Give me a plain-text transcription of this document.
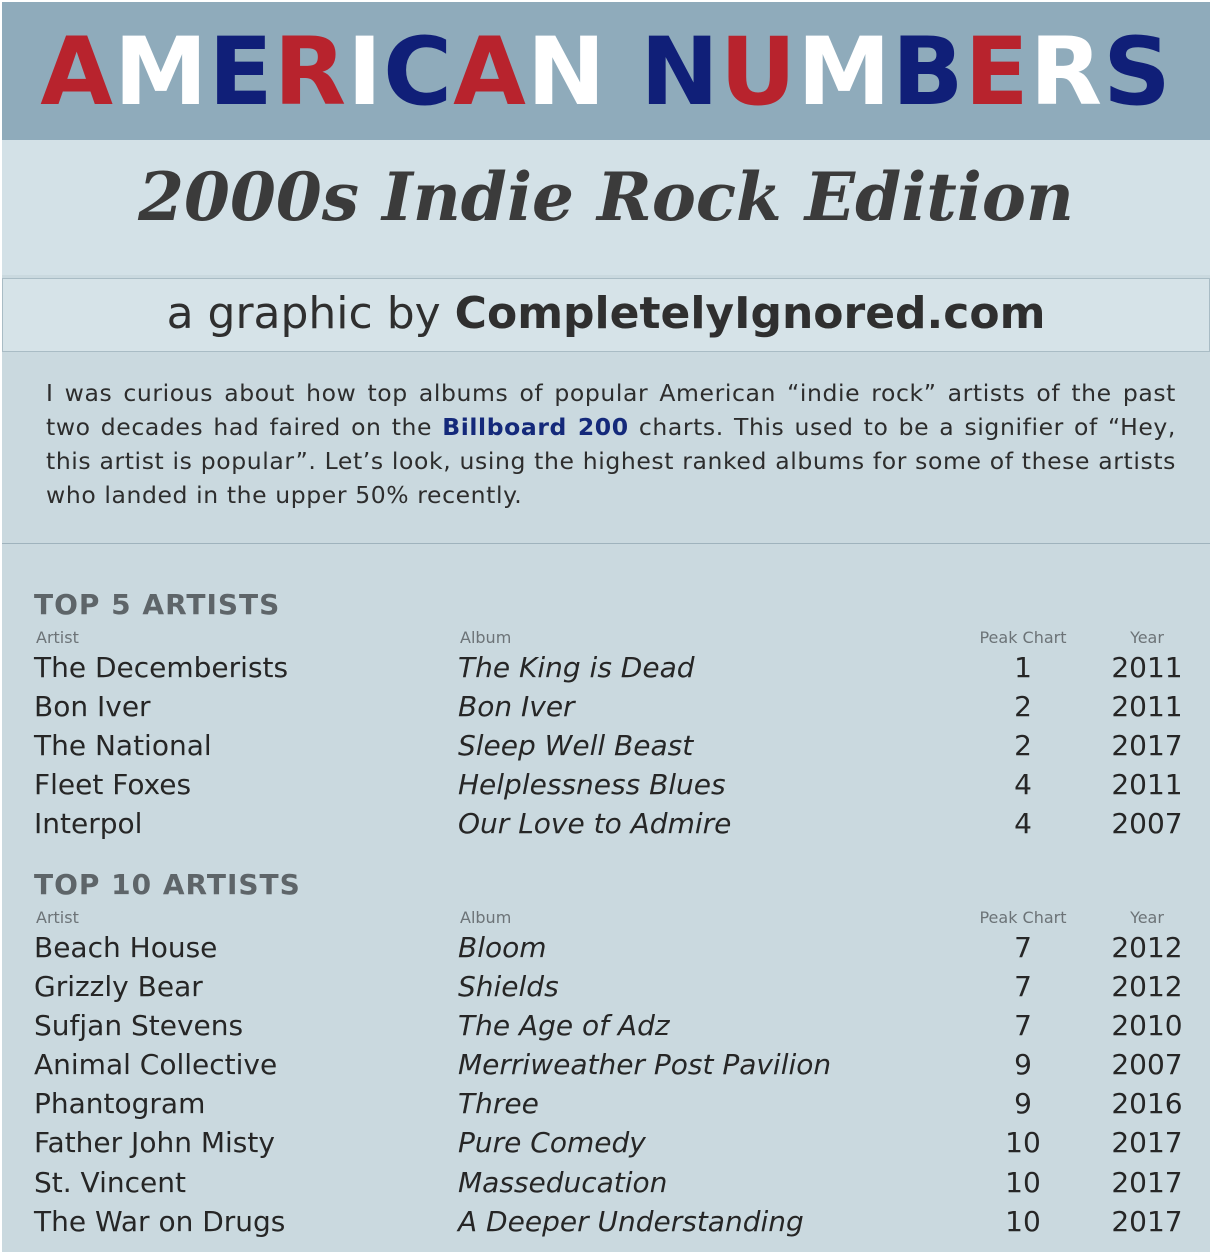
AMERICAN NUMBERS
2000s Indie Rock Edition
a graphic by CompletelyIgnored.com
I was curious about how top albums of popular American “indie rock” artists of the past two decades had faired on the Billboard 200 charts. This used to be a signifier of “Hey, this artist is popular”. Let’s look, using the highest ranked albums for some of these artists who landed in the upper 50% recently.
TOP 5 ARTISTS
Artist	Album	Peak Chart	Year
The Decemberists	The King is Dead	1	2011
Bon Iver	Bon Iver	2	2011
The National	Sleep Well Beast	2	2017
Fleet Foxes	Helplessness Blues	4	2011
Interpol	Our Love to Admire	4	2007
TOP 10 ARTISTS
Artist	Album	Peak Chart	Year
Beach House	Bloom	7	2012
Grizzly Bear	Shields	7	2012
Sufjan Stevens	The Age of Adz	7	2010
Animal Collective	Merriweather Post Pavilion	9	2007
Phantogram	Three	9	2016
Father John Misty	Pure Comedy	10	2017
St. Vincent	Masseducation	10	2017
The War on Drugs	A Deeper Understanding	10	2017
